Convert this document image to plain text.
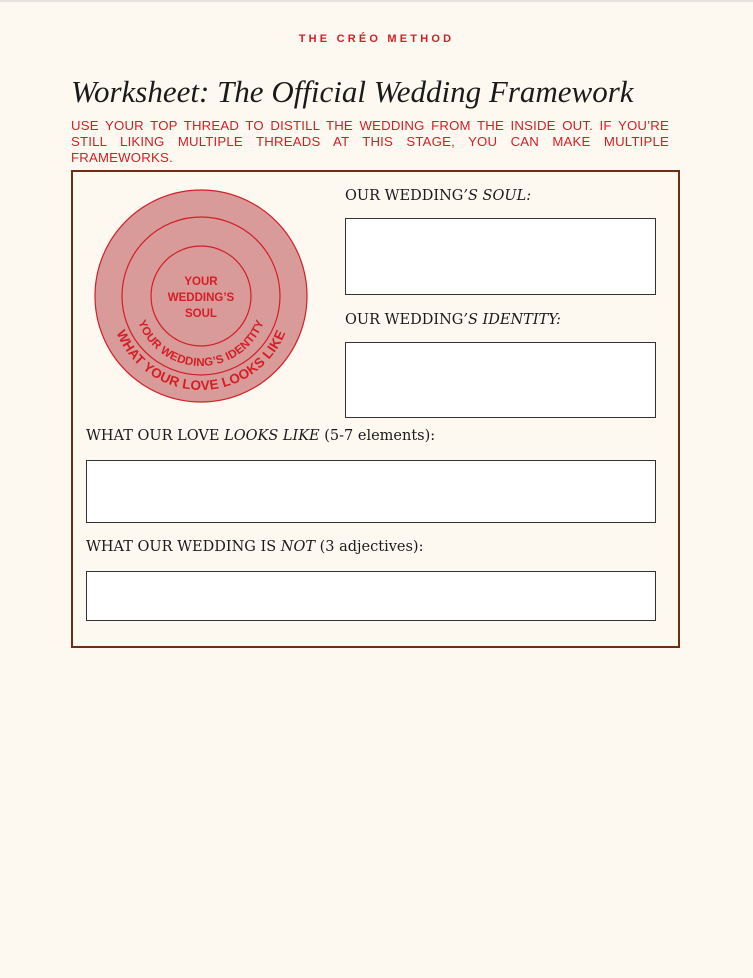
THE CRÉO METHOD
Worksheet: The Official Wedding Framework
USE YOUR TOP THREAD TO DISTILL THE WEDDING FROM THE INSIDE OUT. IF YOU’RE STILL LIKING MULTIPLE THREADS AT THIS STAGE, YOU CAN MAKE MULTIPLE FRAMEWORKS.
WHAT YOUR LOVE LOOKS LIKE
YOUR WEDDING’S IDENTITY
YOUR
WEDDING’S
SOUL
OUR WEDDING’S SOUL:
OUR WEDDING’S IDENTITY:
WHAT OUR LOVE LOOKS LIKE (5-7 elements):
WHAT OUR WEDDING IS NOT (3 adjectives):
